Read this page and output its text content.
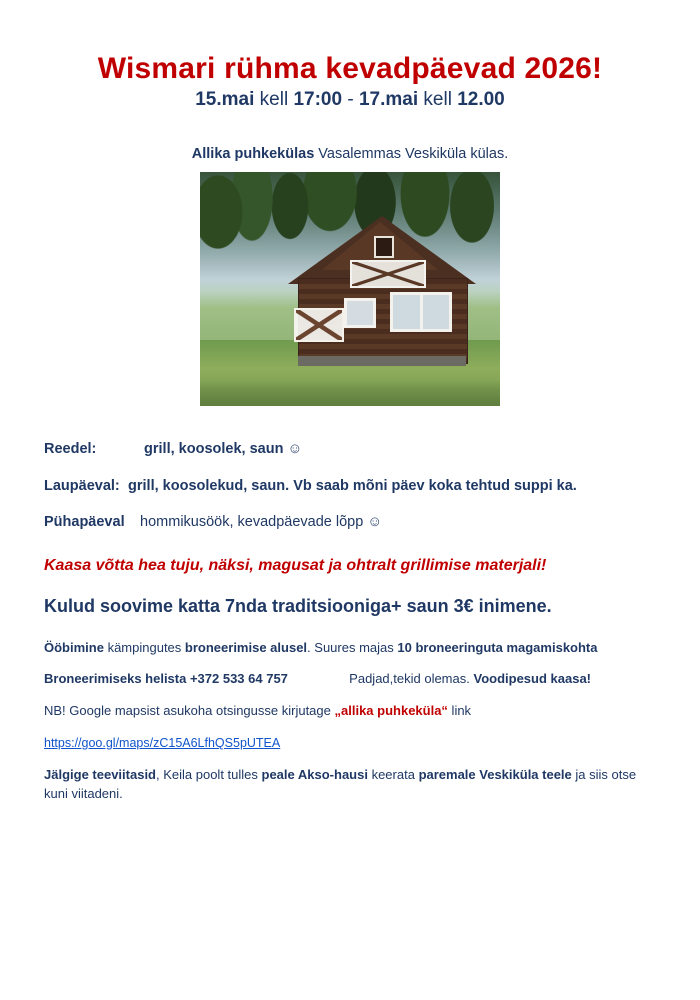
Wismari rühma kevadpäevad 2026!
15.mai kell 17:00 - 17.mai kell 12.00
Allika puhkekülas Vasalemmas Veskiküla külas.
Reedel:	grill, koosolek, saun ☺
Laupäeval: grill, koosolekud, saun. Vb saab mõni päev koka tehtud suppi ka.
Pühapäeval hommikusöök, kevadpäevade lõpp ☺
Kaasa võtta hea tuju, näksi, magusat ja ohtralt grillimise materjali!
Kulud soovime katta 7nda traditsiooniga+ saun 3€ inimene.

Ööbimine kämpingutes broneerimise alusel. Suures majas 10 broneeringuta magamiskohta

Broneerimiseks helista +372 533 64 757	Padjad,tekid olemas. Voodipesud kaasa!

NB! Google mapsist asukoha otsingusse kirjutage „allika puhkeküla“ link

https://goo.gl/maps/zC15A6LfhQS5pUTEA

Jälgige teeviitasid, Keila poolt tulles peale Akso-hausi keerata paremale Veskiküla teele ja siis otse kuni viitadeni.
